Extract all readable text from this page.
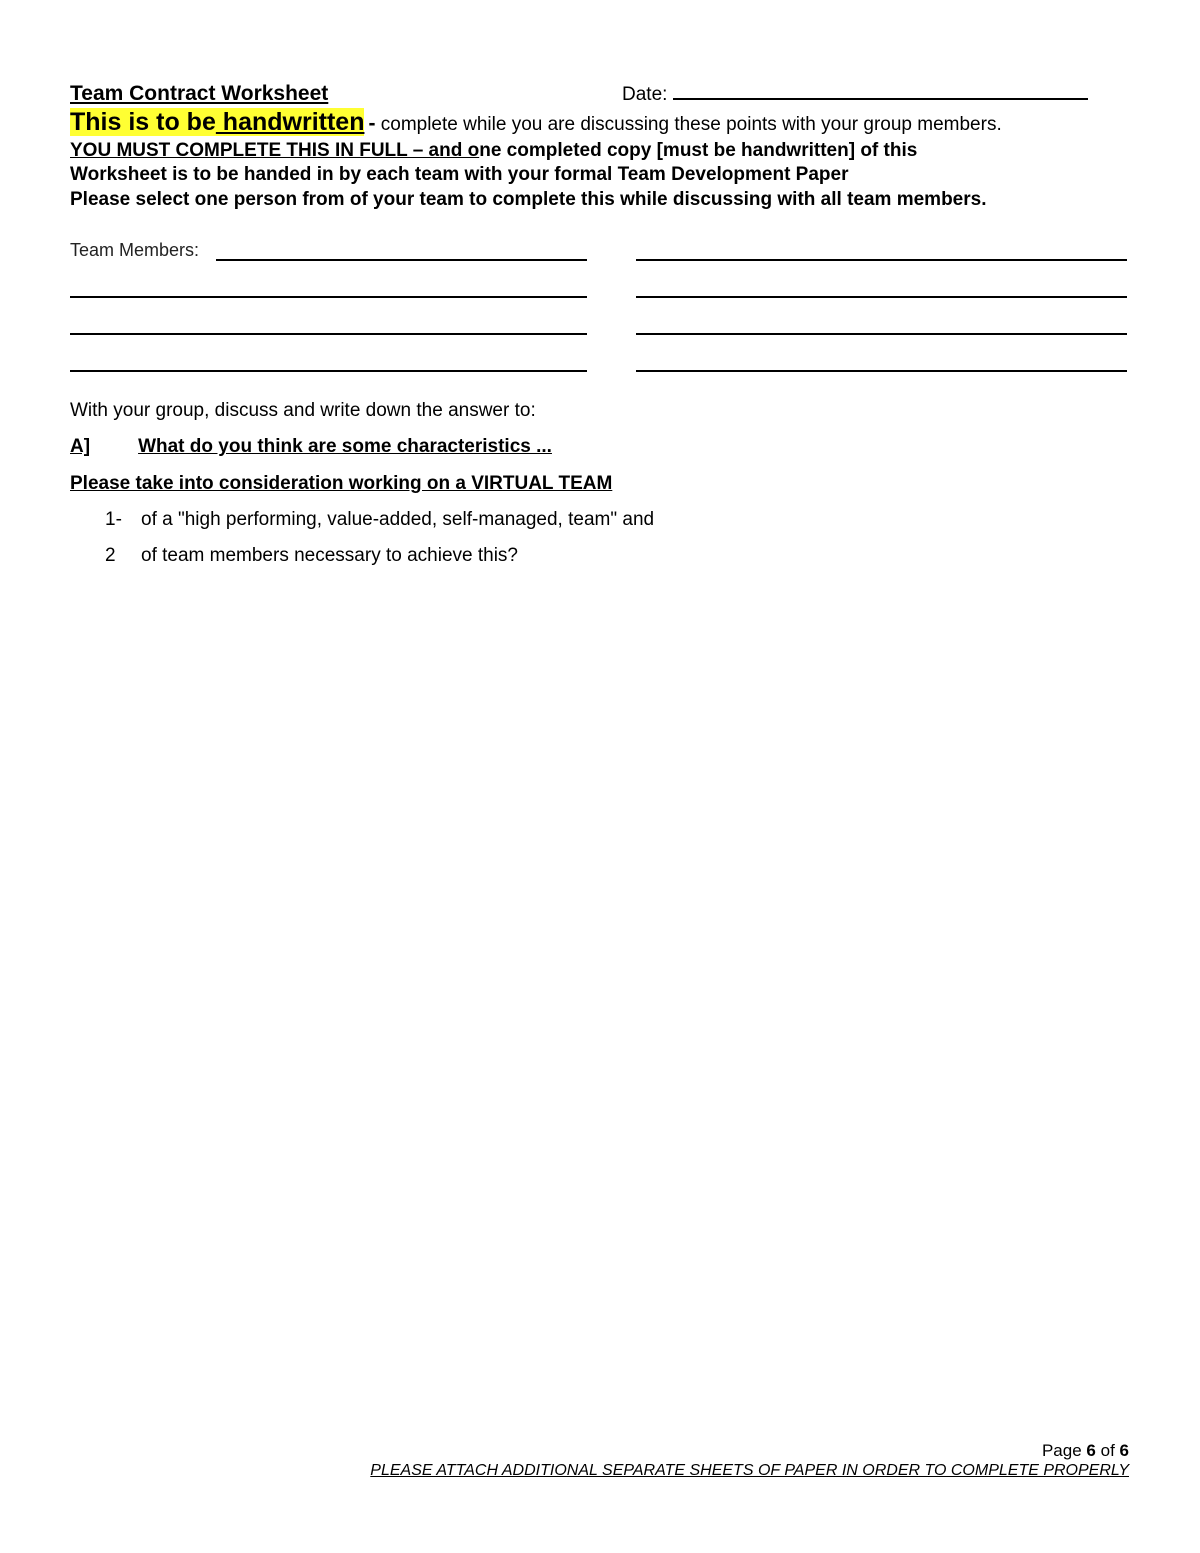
Team Contract Worksheet	Date:
This is to be handwritten - complete while you are discussing these points with your group members.
YOU MUST COMPLETE THIS IN FULL – and one completed copy [must be handwritten] of this
Worksheet is to be handed in by each team with your formal Team Development Paper
Please select one person from of your team to complete this while discussing with all team members.
Team Members:
With your group, discuss and write down the answer to:
A]	What do you think are some characteristics ...
Please take into consideration working on a VIRTUAL TEAM
1- of a "high performing, value-added, self-managed, team" and
2 of team members necessary to achieve this?
Page 6 of 6
PLEASE ATTACH ADDITIONAL SEPARATE SHEETS OF PAPER IN ORDER TO COMPLETE PROPERLY
